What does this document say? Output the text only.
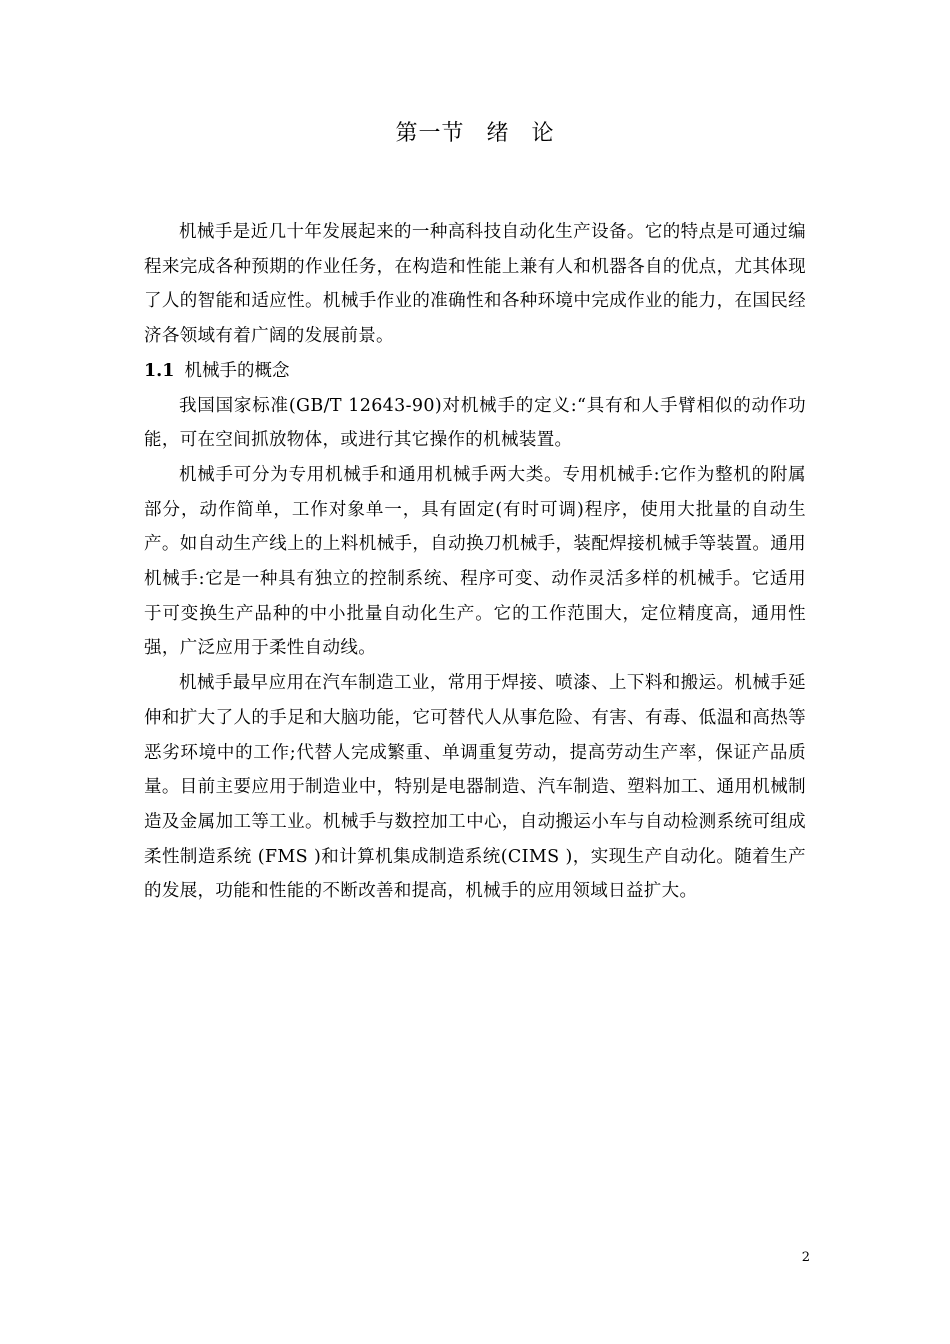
第一节 绪 论

机械手是近几十年发展起来的一种高科技自动化生产设备。它的特点是可通过编程来完成各种预期的作业任务，在构造和性能上兼有人和机器各自的优点，尤其体现了人的智能和适应性。机械手作业的准确性和各种环境中完成作业的能力，在国民经济各领域有着广阔的发展前景。

1.1 机械手的概念

我国国家标准(GB/T 12643-90)对机械手的定义:“具有和人手臂相似的动作功能，可在空间抓放物体，或进行其它操作的机械装置。

机械手可分为专用机械手和通用机械手两大类。专用机械手:它作为整机的附属部分，动作简单，工作对象单一，具有固定(有时可调)程序，使用大批量的自动生产。如自动生产线上的上料机械手，自动换刀机械手，装配焊接机械手等装置。通用机械手:它是一种具有独立的控制系统、程序可变、动作灵活多样的机械手。它适用于可变换生产品种的中小批量自动化生产。它的工作范围大，定位精度高，通用性强，广泛应用于柔性自动线。

机械手最早应用在汽车制造工业，常用于焊接、喷漆、上下料和搬运。机械手延伸和扩大了人的手足和大脑功能，它可替代人从事危险、有害、有毒、低温和高热等恶劣环境中的工作;代替人完成繁重、单调重复劳动，提高劳动生产率，保证产品质量。目前主要应用于制造业中，特别是电器制造、汽车制造、塑料加工、通用机械制造及金属加工等工业。机械手与数控加工中心，自动搬运小车与自动检测系统可组成柔性制造系统 (FMS )和计算机集成制造系统(CIMS )，实现生产自动化。随着生产的发展，功能和性能的不断改善和提高，机械手的应用领域日益扩大。

2
